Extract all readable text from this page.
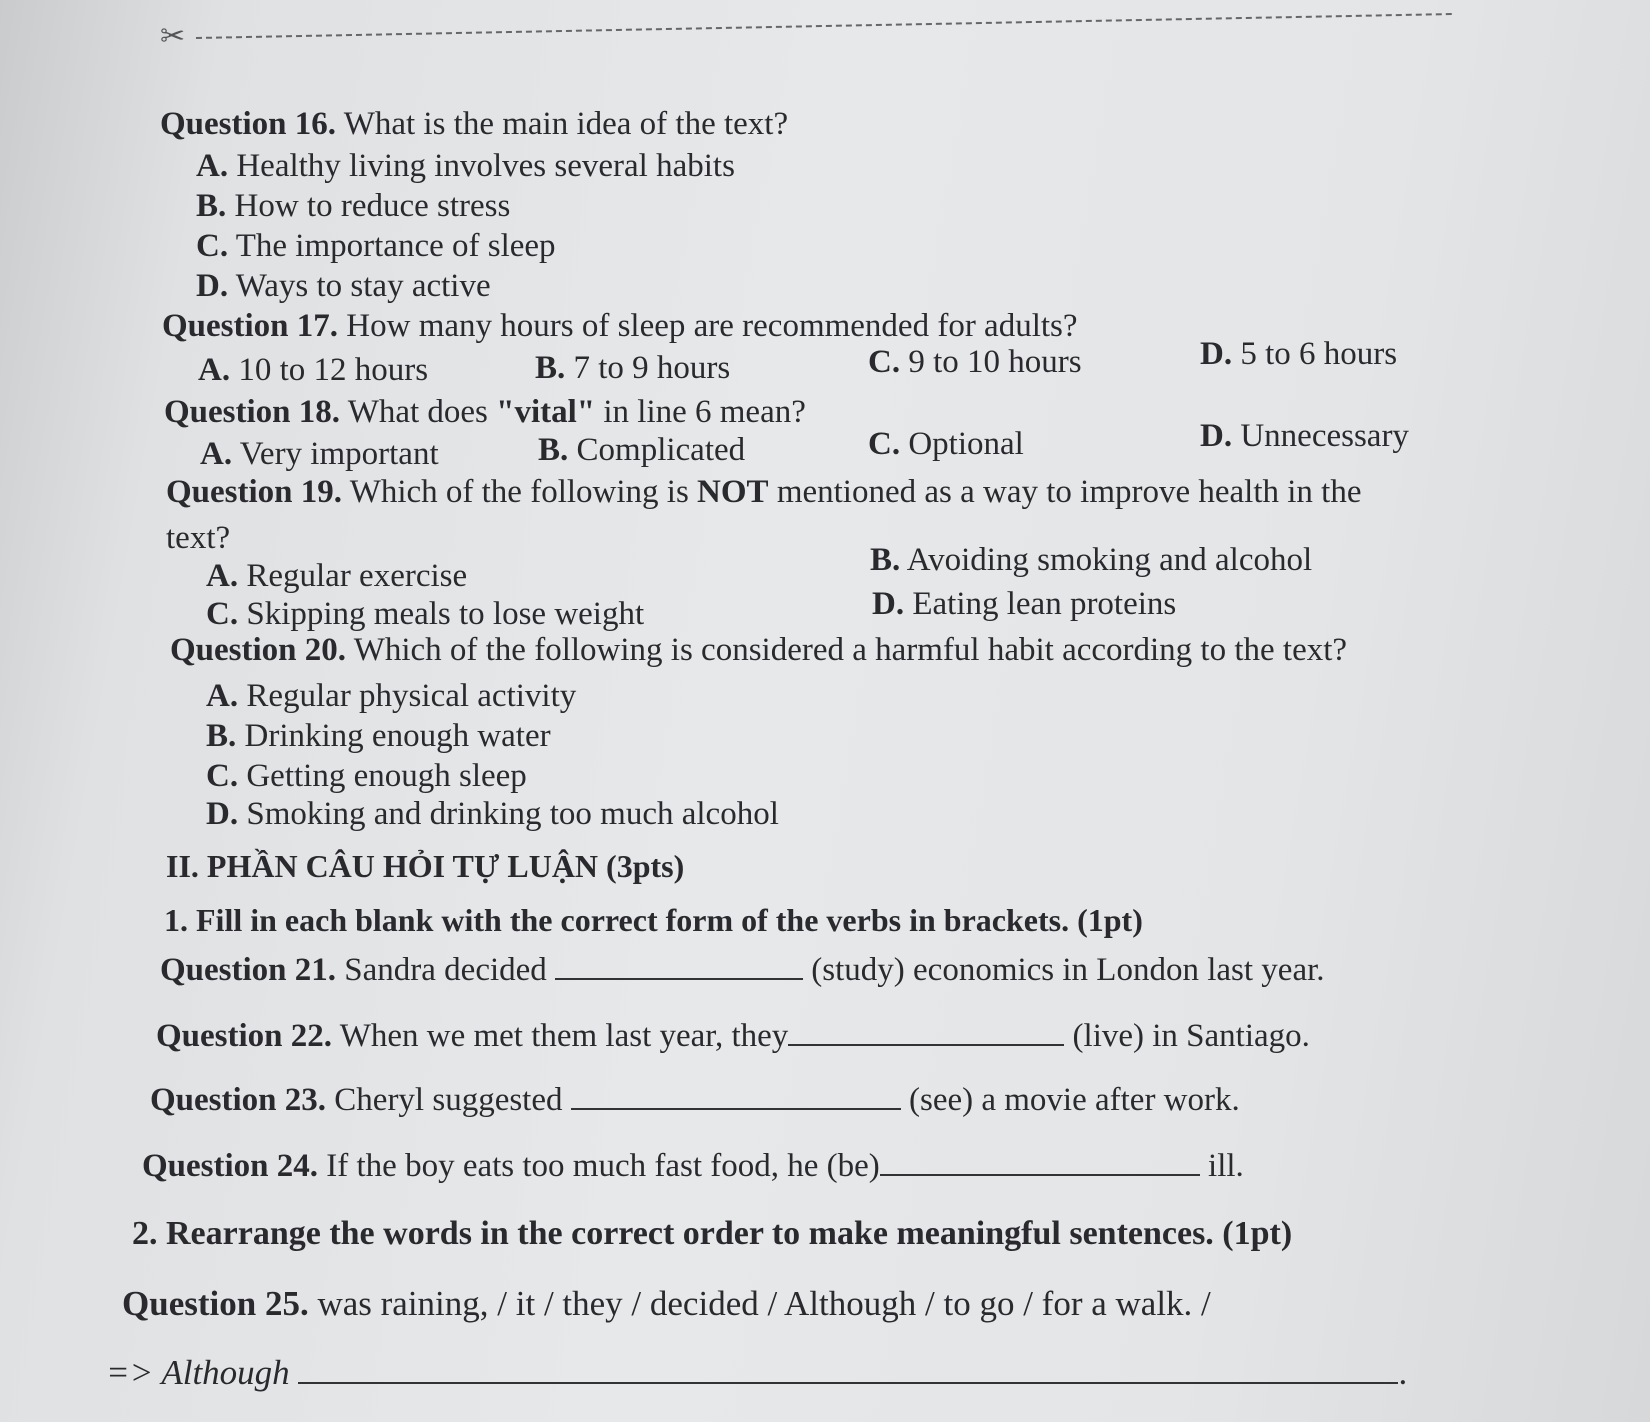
✂
Question 16. What is the main idea of the text?
A. Healthy living involves several habits
B. How to reduce stress
C. The importance of sleep
D. Ways to stay active
Question 17. How many hours of sleep are recommended for adults?
A. 10 to 12 hours	B. 7 to 9 hours	C. 9 to 10 hours	D. 5 to 6 hours
Question 18. What does "vital" in line 6 mean?
A. Very important	B. Complicated	C. Optional	D. Unnecessary
Question 19. Which of the following is NOT mentioned as a way to improve health in the
text?
A. Regular exercise	B. Avoiding smoking and alcohol
C. Skipping meals to lose weight	D. Eating lean proteins
Question 20. Which of the following is considered a harmful habit according to the text?
A. Regular physical activity
B. Drinking enough water
C. Getting enough sleep
D. Smoking and drinking too much alcohol
II. PHẦN CÂU HỎI TỰ LUẬN (3pts)
1. Fill in each blank with the correct form of the verbs in brackets. (1pt)
Question 21. Sandra decided	(study) economics in London last year.
Question 22. When we met them last year, they	(live) in Santiago.
Question 23. Cheryl suggested	(see) a movie after work.
Question 24. If the boy eats too much fast food, he (be)	ill.
2. Rearrange the words in the correct order to make meaningful sentences. (1pt)
Question 25. was raining, / it / they / decided / Although / to go / for a walk. /
=> Although	.
